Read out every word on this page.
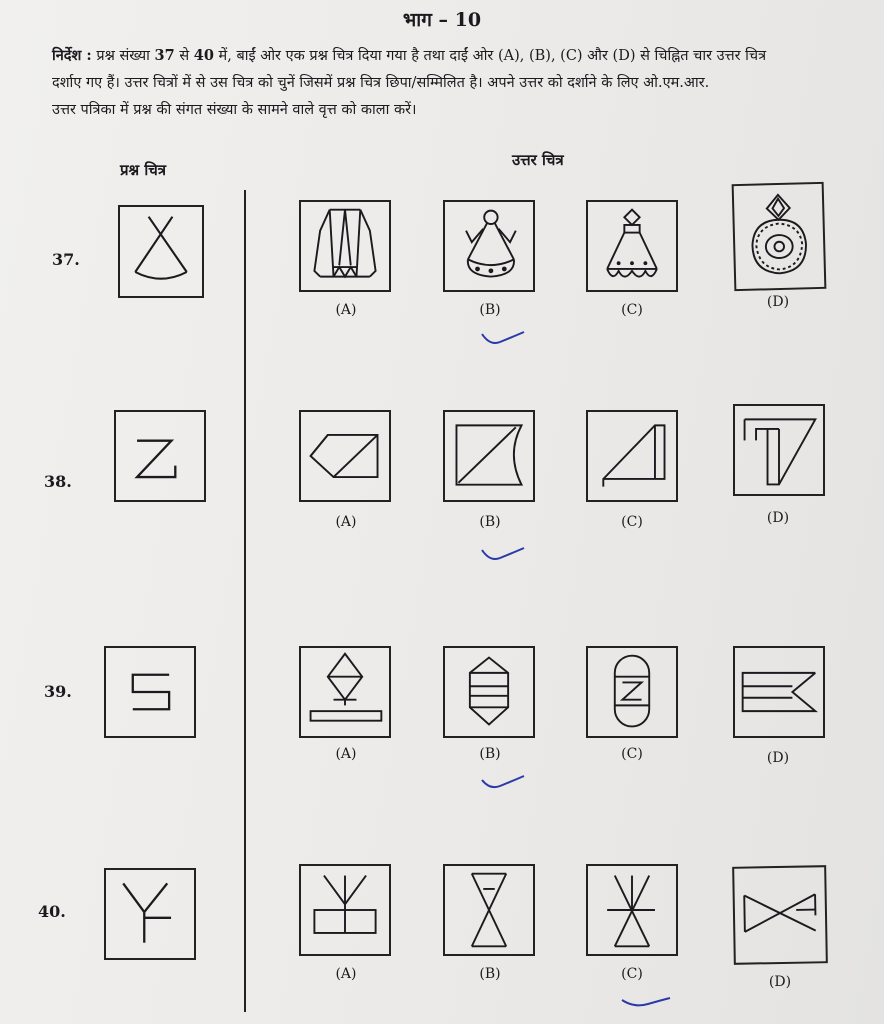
भाग – 10
निर्देश : प्रश्न संख्या 37 से 40 में, बाईं ओर एक प्रश्न चित्र दिया गया है तथा दाईं ओर (A), (B), (C) और (D) से चिह्नित चार उत्तर चित्र
दर्शाए गए हैं। उत्तर चित्रों में से उस चित्र को चुनें जिसमें प्रश्न चित्र छिपा/सम्मिलित है। अपने उत्तर को दर्शाने के लिए ओ.एम.आर.
उत्तर पत्रिका में प्रश्न की संगत संख्या के सामने वाले वृत्त को काला करें।
प्रश्न चित्र
उत्तर चित्र
37.
(A)	(B)	(C)	(D)
38.
(A)	(B)	(C)	(D)
39.
(A)	(B)	(C)	(D)
40.
(A)	(B)	(C)	(D)
